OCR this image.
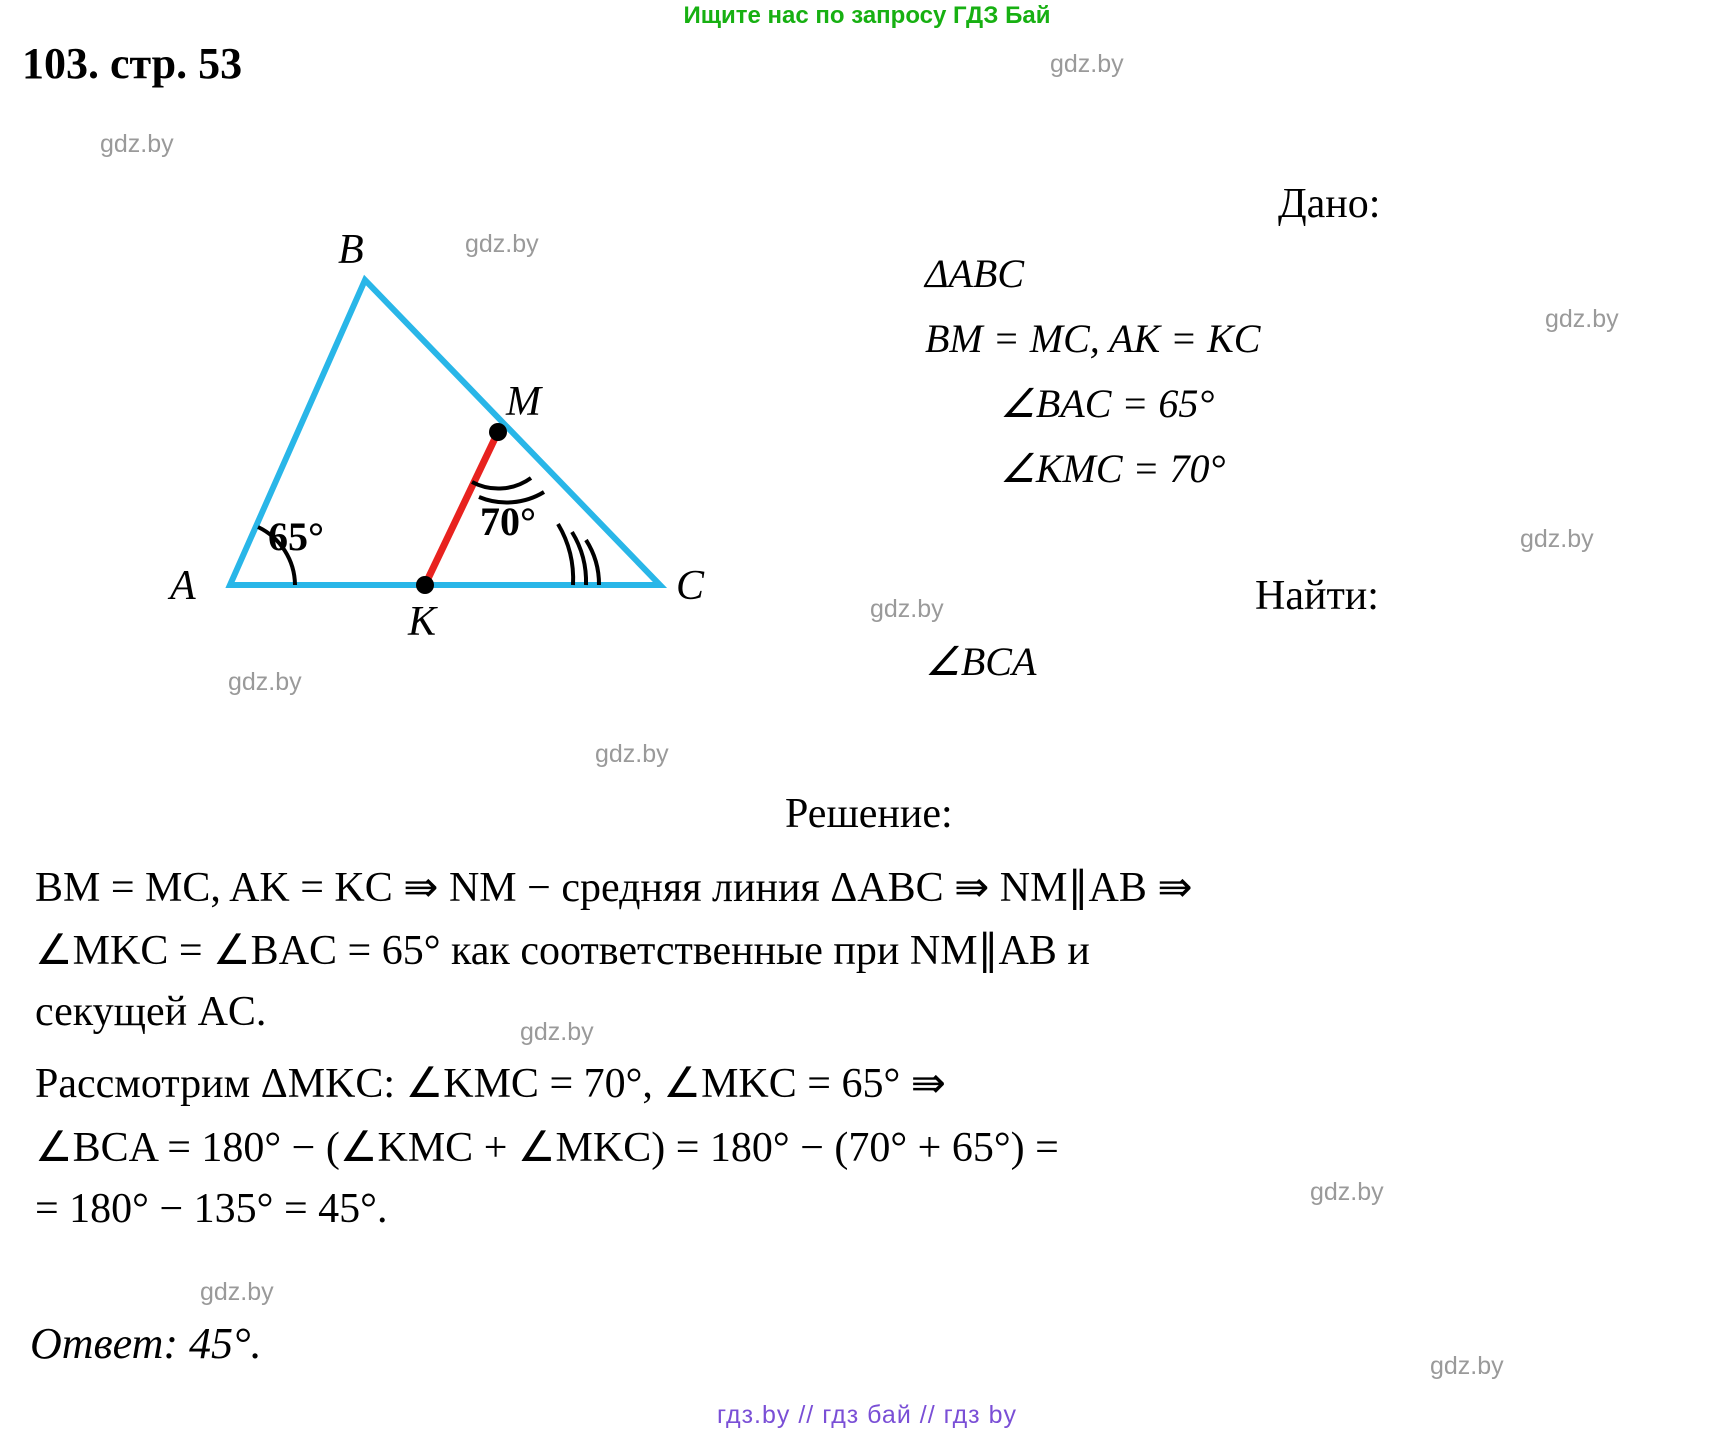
Ищите нас по запросу ГДЗ Бай
103. стр. 53	gdz.by
gdz.by
gdz.by
gdz.by
gdz.by
gdz.by
gdz.by
gdz.by
gdz.by
gdz.by
gdz.by
gdz.by
B
A	C
K
M
65°	70°
Дано:
ΔABC
BM = MC, AK = KC
∠BAC = 65°
∠KMC = 70°
Найти:
∠BCA
Решение:
BM = MC, AK = KC ⇛ NM − средняя линия ΔABC ⇛ NM∥AB ⇛
∠MKC = ∠BAC = 65° как соответственные при NM∥AB и
секущей AC.
Рассмотрим ΔMKC: ∠KMC = 70°, ∠MKC = 65° ⇛
∠BCA = 180° − (∠KMC + ∠MKC) = 180° − (70° + 65°) =
= 180° − 135° = 45°.
Ответ: 45°.
гдз.by // гдз бай // гдз by
